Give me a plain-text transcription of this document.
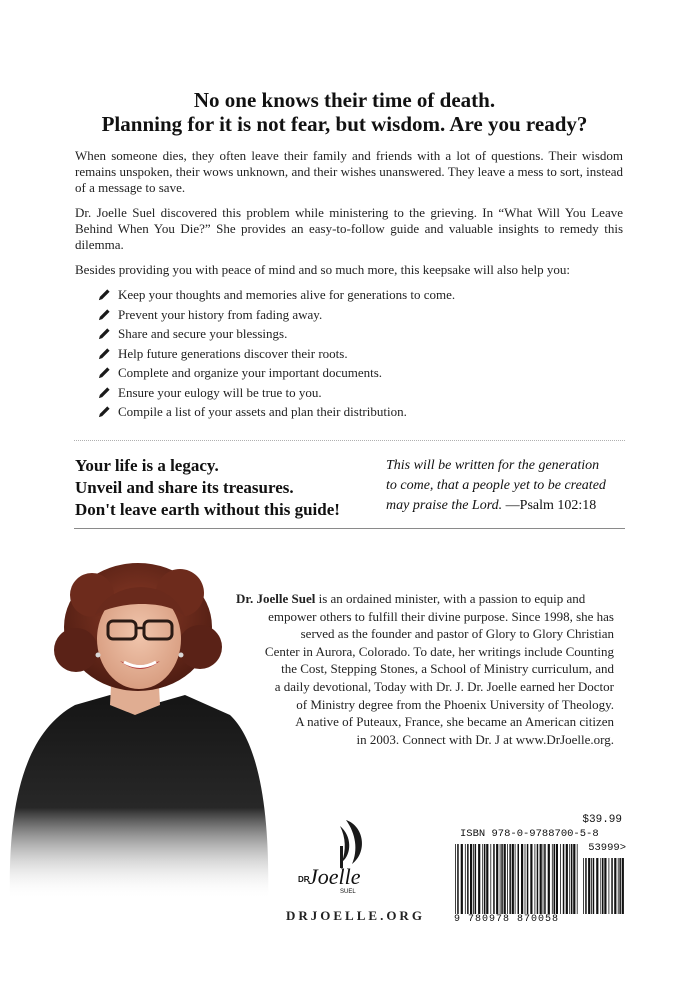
No one knows their time of death.
Planning for it is not fear, but wisdom. Are you ready?
When someone dies, they often leave their family and friends with a lot of questions. Their wisdom remains unspoken, their wows unknown, and their wishes unanswered. They leave a mess to sort, instead of a message to save.
Dr. Joelle Suel discovered this problem while ministering to the grieving. In “What Will You Leave Behind When You Die?” She provides an easy-to-follow guide and valuable insights to remedy this dilemma.
Besides providing you with peace of mind and so much more, this keepsake will also help you:
Keep your thoughts and memories alive for generations to come.
Prevent your history from fading away.
Share and secure your blessings.
Help future generations discover their roots.
Complete and organize your important documents.
Ensure your eulogy will be true to you.
Compile a list of your assets and plan their distribution.
Your life is a legacy.
Unveil and share its treasures.
Don't leave earth without this guide!
This will be written for the generation
to come, that a people yet to be created
may praise the Lord. —Psalm 102:18
Dr. Joelle Suel is an ordained minister, with a passion to equip and
empower others to fulfill their divine purpose. Since 1998, she has
served as the founder and pastor of Glory to Glory Christian
Center in Aurora, Colorado. To date, her writings include Counting
the Cost, Stepping Stones, a School of Ministry curriculum, and
a daily devotional, Today with Dr. J. Dr. Joelle earned her Doctor
of Ministry degree from the Phoenix University of Theology.
A native of Puteaux, France, she became an American citizen
in 2003. Connect with Dr. J at www.DrJoelle.org.
DR
Joelle
SUEL
DRJOELLE.ORG
$39.99
ISBN 978-0-9788700-5-8
53999>
9 780978 870058
